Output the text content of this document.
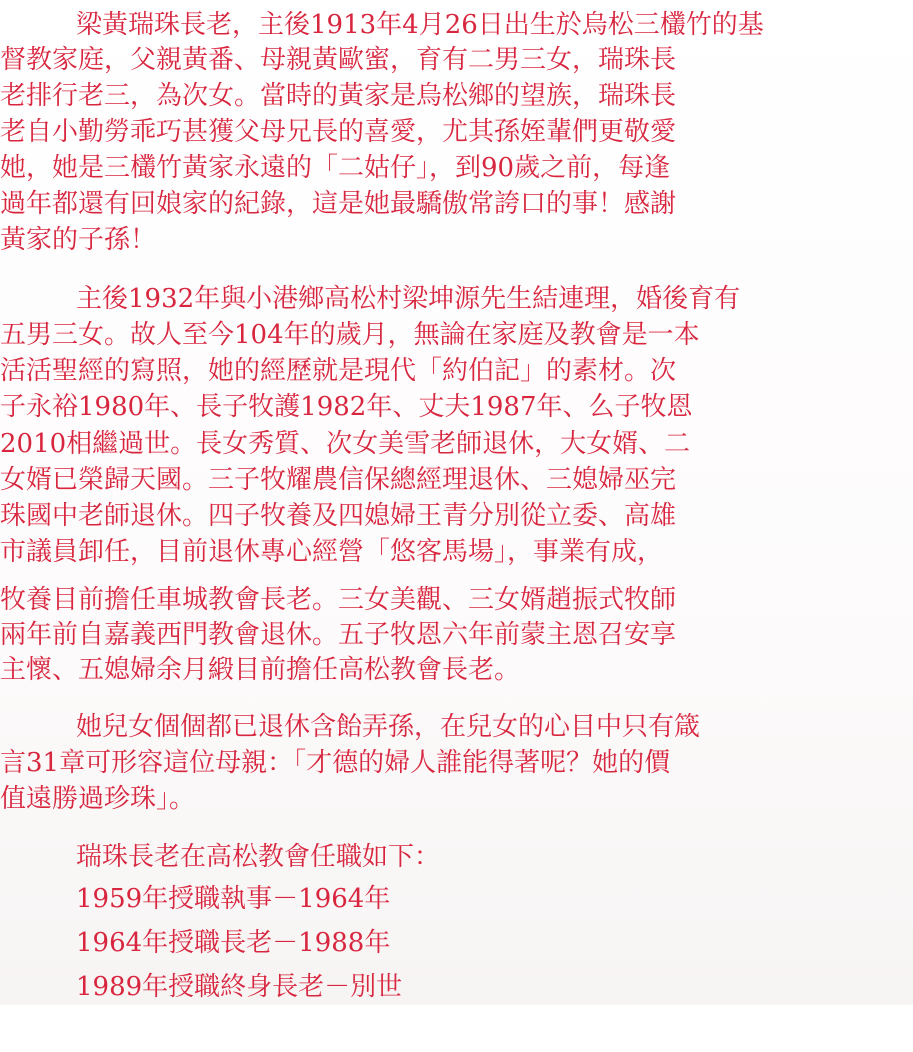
梁黃瑞珠長老，主後1913年4月26日出生於烏松三欉竹的基
督教家庭，父親黃番、母親黃歐蜜，育有二男三女，瑞珠長
老排行老三，為次女。當時的黃家是烏松鄉的望族，瑞珠長
老自小勤勞乖巧甚獲父母兄長的喜愛，尤其孫姪輩們更敬愛
她，她是三欉竹黃家永遠的「二姑仔」，到90歲之前，每逢
過年都還有回娘家的紀錄，這是她最驕傲常誇口的事！感謝
黃家的子孫！
主後1932年與小港鄉高松村梁坤源先生結連理，婚後育有
五男三女。故人至今104年的歲月，無論在家庭及教會是一本
活活聖經的寫照，她的經歷就是現代「約伯記」的素材。次
子永裕1980年、長子牧護1982年、丈夫1987年、么子牧恩
2010相繼過世。長女秀質、次女美雪老師退休，大女婿、二
女婿已榮歸天國。三子牧耀農信保總經理退休、三媳婦巫完
珠國中老師退休。四子牧養及四媳婦王青分別從立委、高雄
市議員卸任，目前退休專心經營「悠客馬場」，事業有成，
牧養目前擔任車城教會長老。三女美觀、三女婿趙振式牧師
兩年前自嘉義西門教會退休。五子牧恩六年前蒙主恩召安享
主懷、五媳婦余月緞目前擔任高松教會長老。
她兒女個個都已退休含飴弄孫，在兒女的心目中只有箴
言31章可形容這位母親：「才德的婦人誰能得著呢？她的價
值遠勝過珍珠」。
瑞珠長老在高松教會任職如下：
1959年授職執事－1964年
1964年授職長老－1988年
1989年授職終身長老－別世
